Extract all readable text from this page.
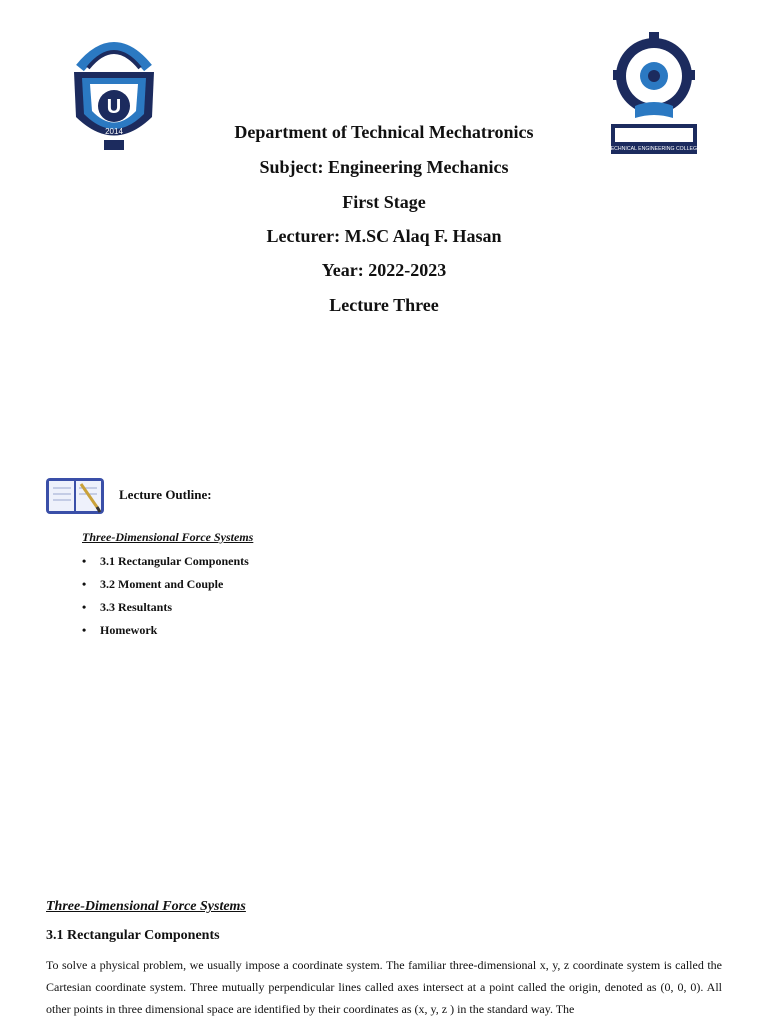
U
2014
TECHNICAL ENGINEERING COLLEGE
Department of Technical Mechatronics
Subject: Engineering Mechanics
First Stage
Lecturer: M.SC Alaq F. Hasan
Year: 2022-2023
Lecture Three
Lecture Outline:
Three-Dimensional Force Systems
• 3.1 Rectangular Components
• 3.2 Moment and Couple
• 3.3 Resultants
• Homework
Three-Dimensional Force Systems
3.1 Rectangular Components

To solve a physical problem, we usually impose a coordinate system. The familiar three-dimensional x, y, z coordinate system is called the Cartesian coordinate system. Three mutually perpendicular lines called axes intersect at a point called the origin, denoted as (0, 0, 0). All other points in three dimensional space are identified by their coordinates as (x, y, z ) in the standard way. The
